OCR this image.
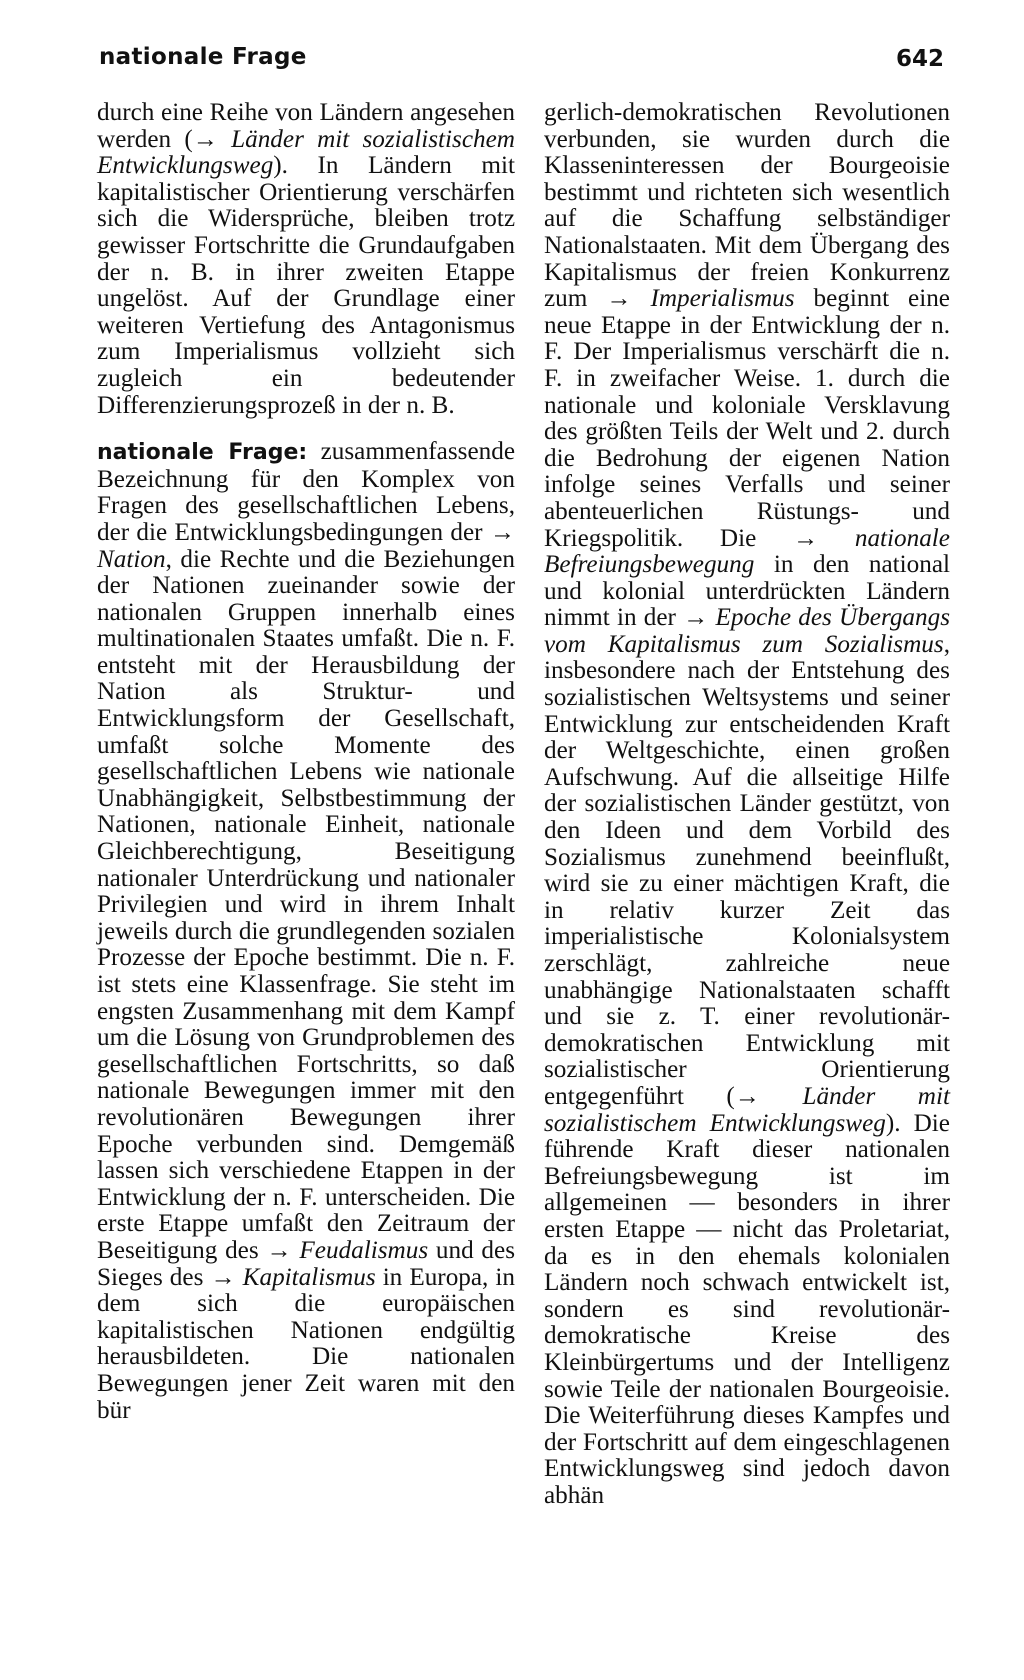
nationale Frage	642

durch eine Reihe von Ländern angesehen werden (→ Länder mit sozialistischem Entwicklungsweg). In Ländern mit kapitalistischer Orientierung verschärfen sich die Widersprüche, bleiben trotz gewisser Fortschritte die Grundaufgaben der n. B. in ihrer zweiten Etappe ungelöst. Auf der Grundlage einer weiteren Vertiefung des Antagonismus zum Imperialismus vollzieht sich zugleich ein bedeutender Differenzierungsprozeß in der n. B.

nationale Frage: zusammenfassende Bezeichnung für den Komplex von Fragen des gesellschaftlichen Lebens, der die Entwicklungsbedingungen der → Nation, die Rechte und die Beziehungen der Nationen zueinander sowie der nationalen Gruppen innerhalb eines multinationalen Staates umfaßt. Die n. F. entsteht mit der Herausbildung der Nation als Struktur- und Entwicklungsform der Gesellschaft, umfaßt solche Momente des gesellschaftlichen Lebens wie nationale Unabhängigkeit, Selbstbestimmung der Nationen, nationale Einheit, nationale Gleichberechtigung, Beseitigung nationaler Unterdrückung und nationaler Privilegien und wird in ihrem Inhalt jeweils durch die grundlegenden sozialen Prozesse der Epoche bestimmt. Die n. F. ist stets eine Klassenfrage. Sie steht im engsten Zusammenhang mit dem Kampf um die Lösung von Grundproblemen des gesellschaftlichen Fortschritts, so daß nationale Bewegungen immer mit den revolutionären Bewegungen ihrer Epoche verbunden sind. Demgemäß lassen sich verschiedene Etappen in der Entwicklung der n. F. unterscheiden. Die erste Etappe umfaßt den Zeitraum der Beseitigung des → Feudalismus und des Sieges des → Kapitalismus in Europa, in dem sich die europäischen kapitalistischen Nationen endgültig herausbildeten. Die nationalen Bewegungen jener Zeit waren mit den bür

gerlich-demokratischen Revolutionen verbunden, sie wurden durch die Klasseninteressen der Bourgeoisie bestimmt und richteten sich wesentlich auf die Schaffung selbständiger Nationalstaaten. Mit dem Übergang des Kapitalismus der freien Konkurrenz zum → Imperialismus beginnt eine neue Etappe in der Entwicklung der n. F. Der Imperialismus verschärft die n. F. in zweifacher Weise. 1. durch die nationale und koloniale Versklavung des größten Teils der Welt und 2. durch die Bedrohung der eigenen Nation infolge seines Verfalls und seiner abenteuerlichen Rüstungs- und Kriegspolitik. Die → nationale Befreiungsbewegung in den national und kolonial unterdrückten Ländern nimmt in der → Epoche des Übergangs vom Kapitalismus zum Sozialismus, insbesondere nach der Entstehung des sozialistischen Weltsystems und seiner Entwicklung zur entscheidenden Kraft der Weltgeschichte, einen großen Aufschwung. Auf die allseitige Hilfe der sozialistischen Länder gestützt, von den Ideen und dem Vorbild des Sozialismus zunehmend beeinflußt, wird sie zu einer mächtigen Kraft, die in relativ kurzer Zeit das imperialistische Kolonialsystem zerschlägt, zahlreiche neue unabhängige Nationalstaaten schafft und sie z. T. einer revolutionär-demokratischen Entwicklung mit sozialistischer Orientierung entgegenführt (→ Länder mit sozialistischem Entwicklungsweg). Die führende Kraft dieser nationalen Befreiungsbewegung ist im allgemeinen — besonders in ihrer ersten Etappe — nicht das Proletariat, da es in den ehemals kolonialen Ländern noch schwach entwickelt ist, sondern es sind revolutionär-demokratische Kreise des Kleinbürgertums und der Intelligenz sowie Teile der nationalen Bourgeoisie. Die Weiterführung dieses Kampfes und der Fortschritt auf dem eingeschlagenen Entwicklungsweg sind jedoch davon abhän
